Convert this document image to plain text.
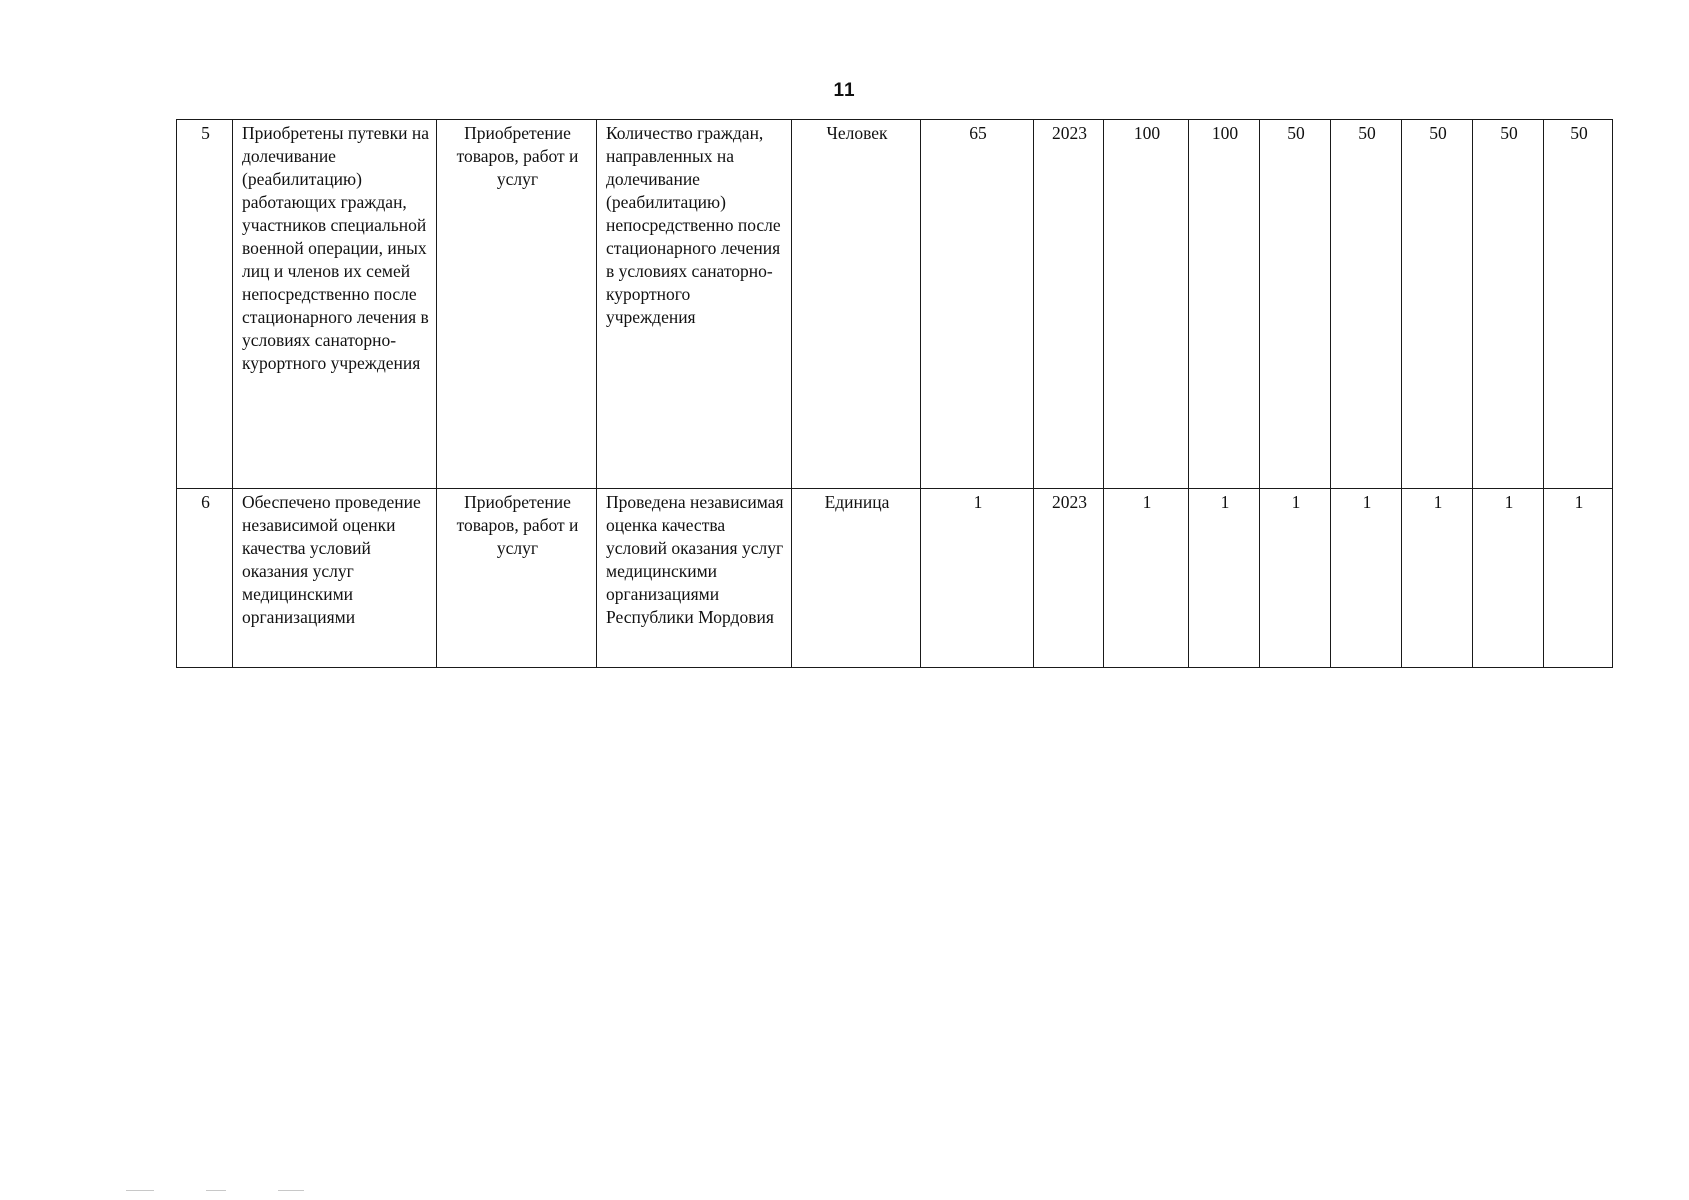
11
5	Приобретены путевки на долечивание (реабилитацию) работающих граждан, участников специальной военной операции, иных лиц и членов их семей непосредственно после стационарного лечения в условиях санаторно-курортного учреждения	Приобретение товаров, работ и услуг	Количество граждан, направленных на долечивание (реабилитацию) непосредственно после стационарного лечения в условиях санаторно-курортного учреждения	Человек	65	2023	100	100	50	50	50	50	50
6	Обеспечено проведение независимой оценки качества условий оказания услуг медицинскими организациями	Приобретение товаров, работ и услуг	Проведена независимая оценка качества условий оказания услуг медицинскими организациями Республики Мордовия	Единица	1	2023	1	1	1	1	1	1	1
